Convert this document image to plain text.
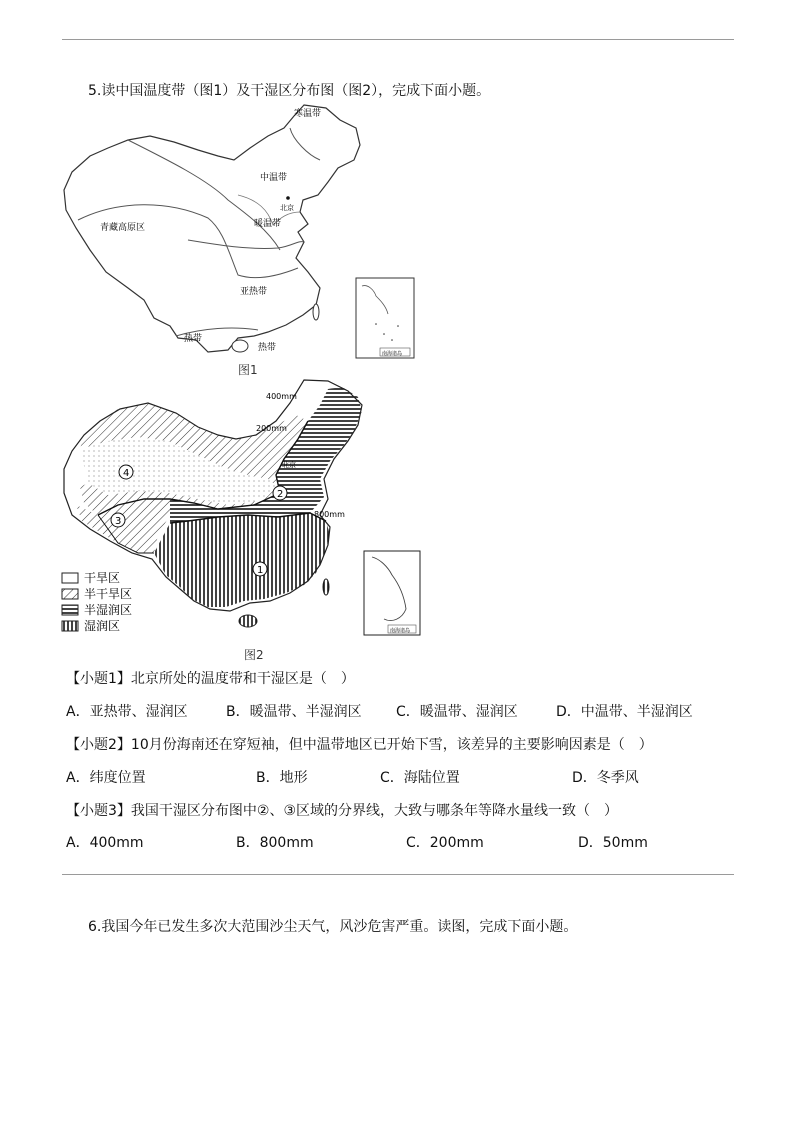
5.读中国温度带（图1）及干湿区分布图（图2），完成下面小题。
寒温带
中温带
北京
暖温带
青藏高原区
亚热带
热带
热带
南海诸岛
图1
400mm
200mm
800mm
北京
1
2
3
4
干旱区
半干旱区
半湿润区
湿润区	南海诸岛
图2
【小题1】北京所处的温度带和干湿区是（　）
A．亚热带、湿润区	B．暖温带、半湿润区 C．暖温带、湿润区	D．中温带、半湿润区
【小题2】10月份海南还在穿短袖，但中温带地区已开始下雪，该差异的主要影响因素是（　）
A．纬度位置	B．地形	C．海陆位置	D．冬季风
【小题3】我国干湿区分布图中②、③区域的分界线，大致与哪条年等降水量线一致（　）
A．400mm	B．800mm	C．200mm	D．50mm
6.我国今年已发生多次大范围沙尘天气，风沙危害严重。读图，完成下面小题。
